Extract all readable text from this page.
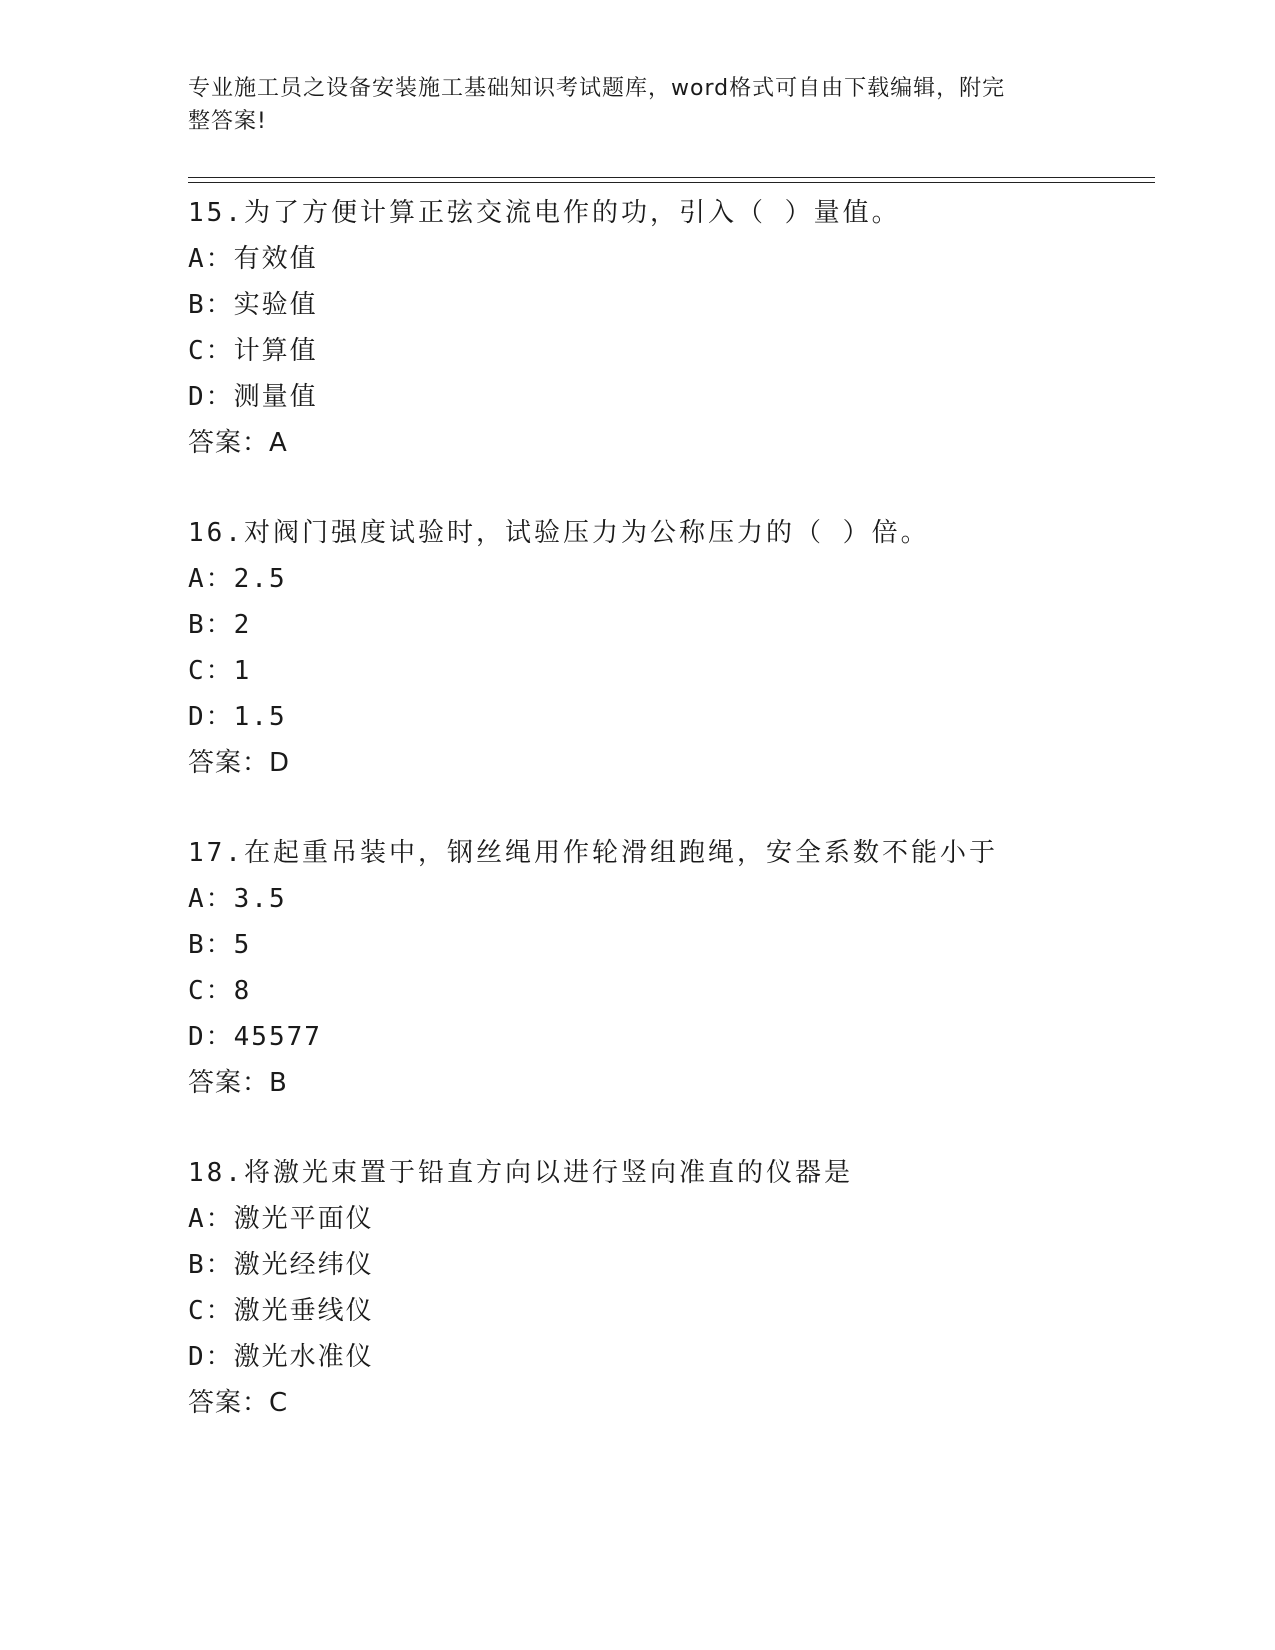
专业施工员之设备安装施工基础知识考试题库，word格式可自由下载编辑，附完
整答案!
15.为了方便计算正弦交流电作的功，引入（ ）量值。
A：有效值
B：实验值
C：计算值
D：测量值
答案：A
16.对阀门强度试验时，试验压力为公称压力的（ ）倍。
A：2.5
B：2
C：1
D：1.5
答案：D
17.在起重吊装中，钢丝绳用作轮滑组跑绳，安全系数不能小于
A：3.5
B：5
C：8
D：45577
答案：B
18.将激光束置于铅直方向以进行竖向准直的仪器是
A：激光平面仪
B：激光经纬仪
C：激光垂线仪
D：激光水准仪
答案：C
